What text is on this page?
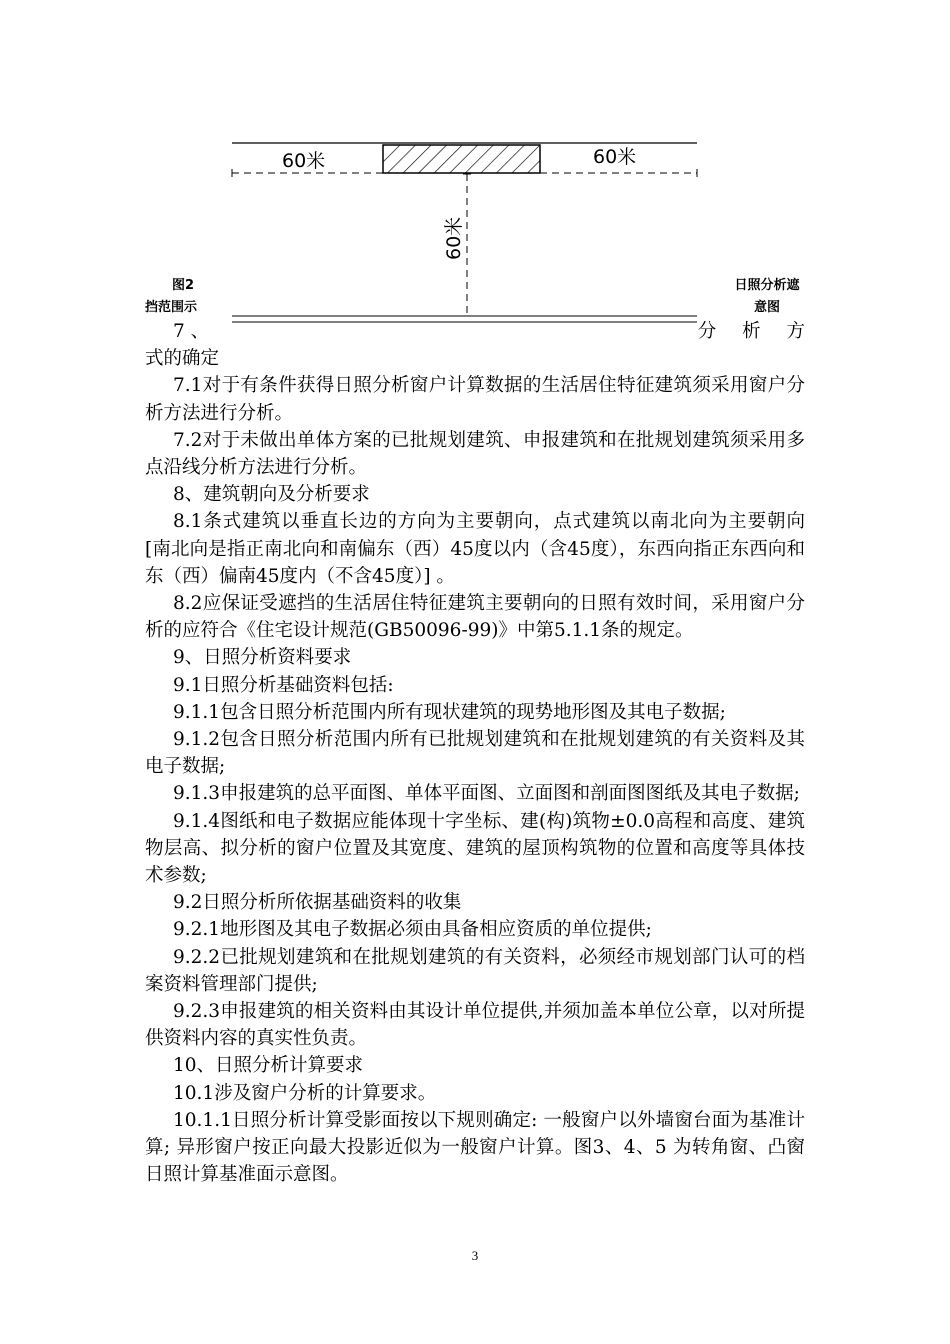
60米	60米
60米
图2
挡范围示
日照分析遮
意图
7 、	分 析 方

式的确定

7.1对于有条件获得日照分析窗户计算数据的生活居住特征建筑须采用窗户分析方法进行分析。

7.2对于未做出单体方案的已批规划建筑、申报建筑和在批规划建筑须采用多点沿线分析方法进行分析。

8、建筑朝向及分析要求

8.1条式建筑以垂直长边的方向为主要朝向，点式建筑以南北向为主要朝向 [南北向是指正南北向和南偏东（西）45度以内（含45度），东西向指正东西向和东（西）偏南45度内（不含45度）] 。

8.2应保证受遮挡的生活居住特征建筑主要朝向的日照有效时间，采用窗户分析的应符合《住宅设计规范(GB50096-99)》中第5.1.1条的规定。

9、日照分析资料要求

9.1日照分析基础资料包括:

9.1.1包含日照分析范围内所有现状建筑的现势地形图及其电子数据;

9.1.2包含日照分析范围内所有已批规划建筑和在批规划建筑的有关资料及其电子数据;

9.1.3申报建筑的总平面图、单体平面图、立面图和剖面图图纸及其电子数据;

9.1.4图纸和电子数据应能体现十字坐标、建(构)筑物±0.0高程和高度、建筑物层高、拟分析的窗户位置及其宽度、建筑的屋顶构筑物的位置和高度等具体技术参数;

9.2日照分析所依据基础资料的收集

9.2.1地形图及其电子数据必须由具备相应资质的单位提供;

9.2.2已批规划建筑和在批规划建筑的有关资料，必须经市规划部门认可的档案资料管理部门提供;

9.2.3申报建筑的相关资料由其设计单位提供,并须加盖本单位公章，以对所提供资料内容的真实性负责。

10、日照分析计算要求

10.1涉及窗户分析的计算要求。

10.1.1日照分析计算受影面按以下规则确定: 一般窗户以外墙窗台面为基准计算; 异形窗户按正向最大投影近似为一般窗户计算。图3、4、5 为转角窗、凸窗日照计算基准面示意图。

3
